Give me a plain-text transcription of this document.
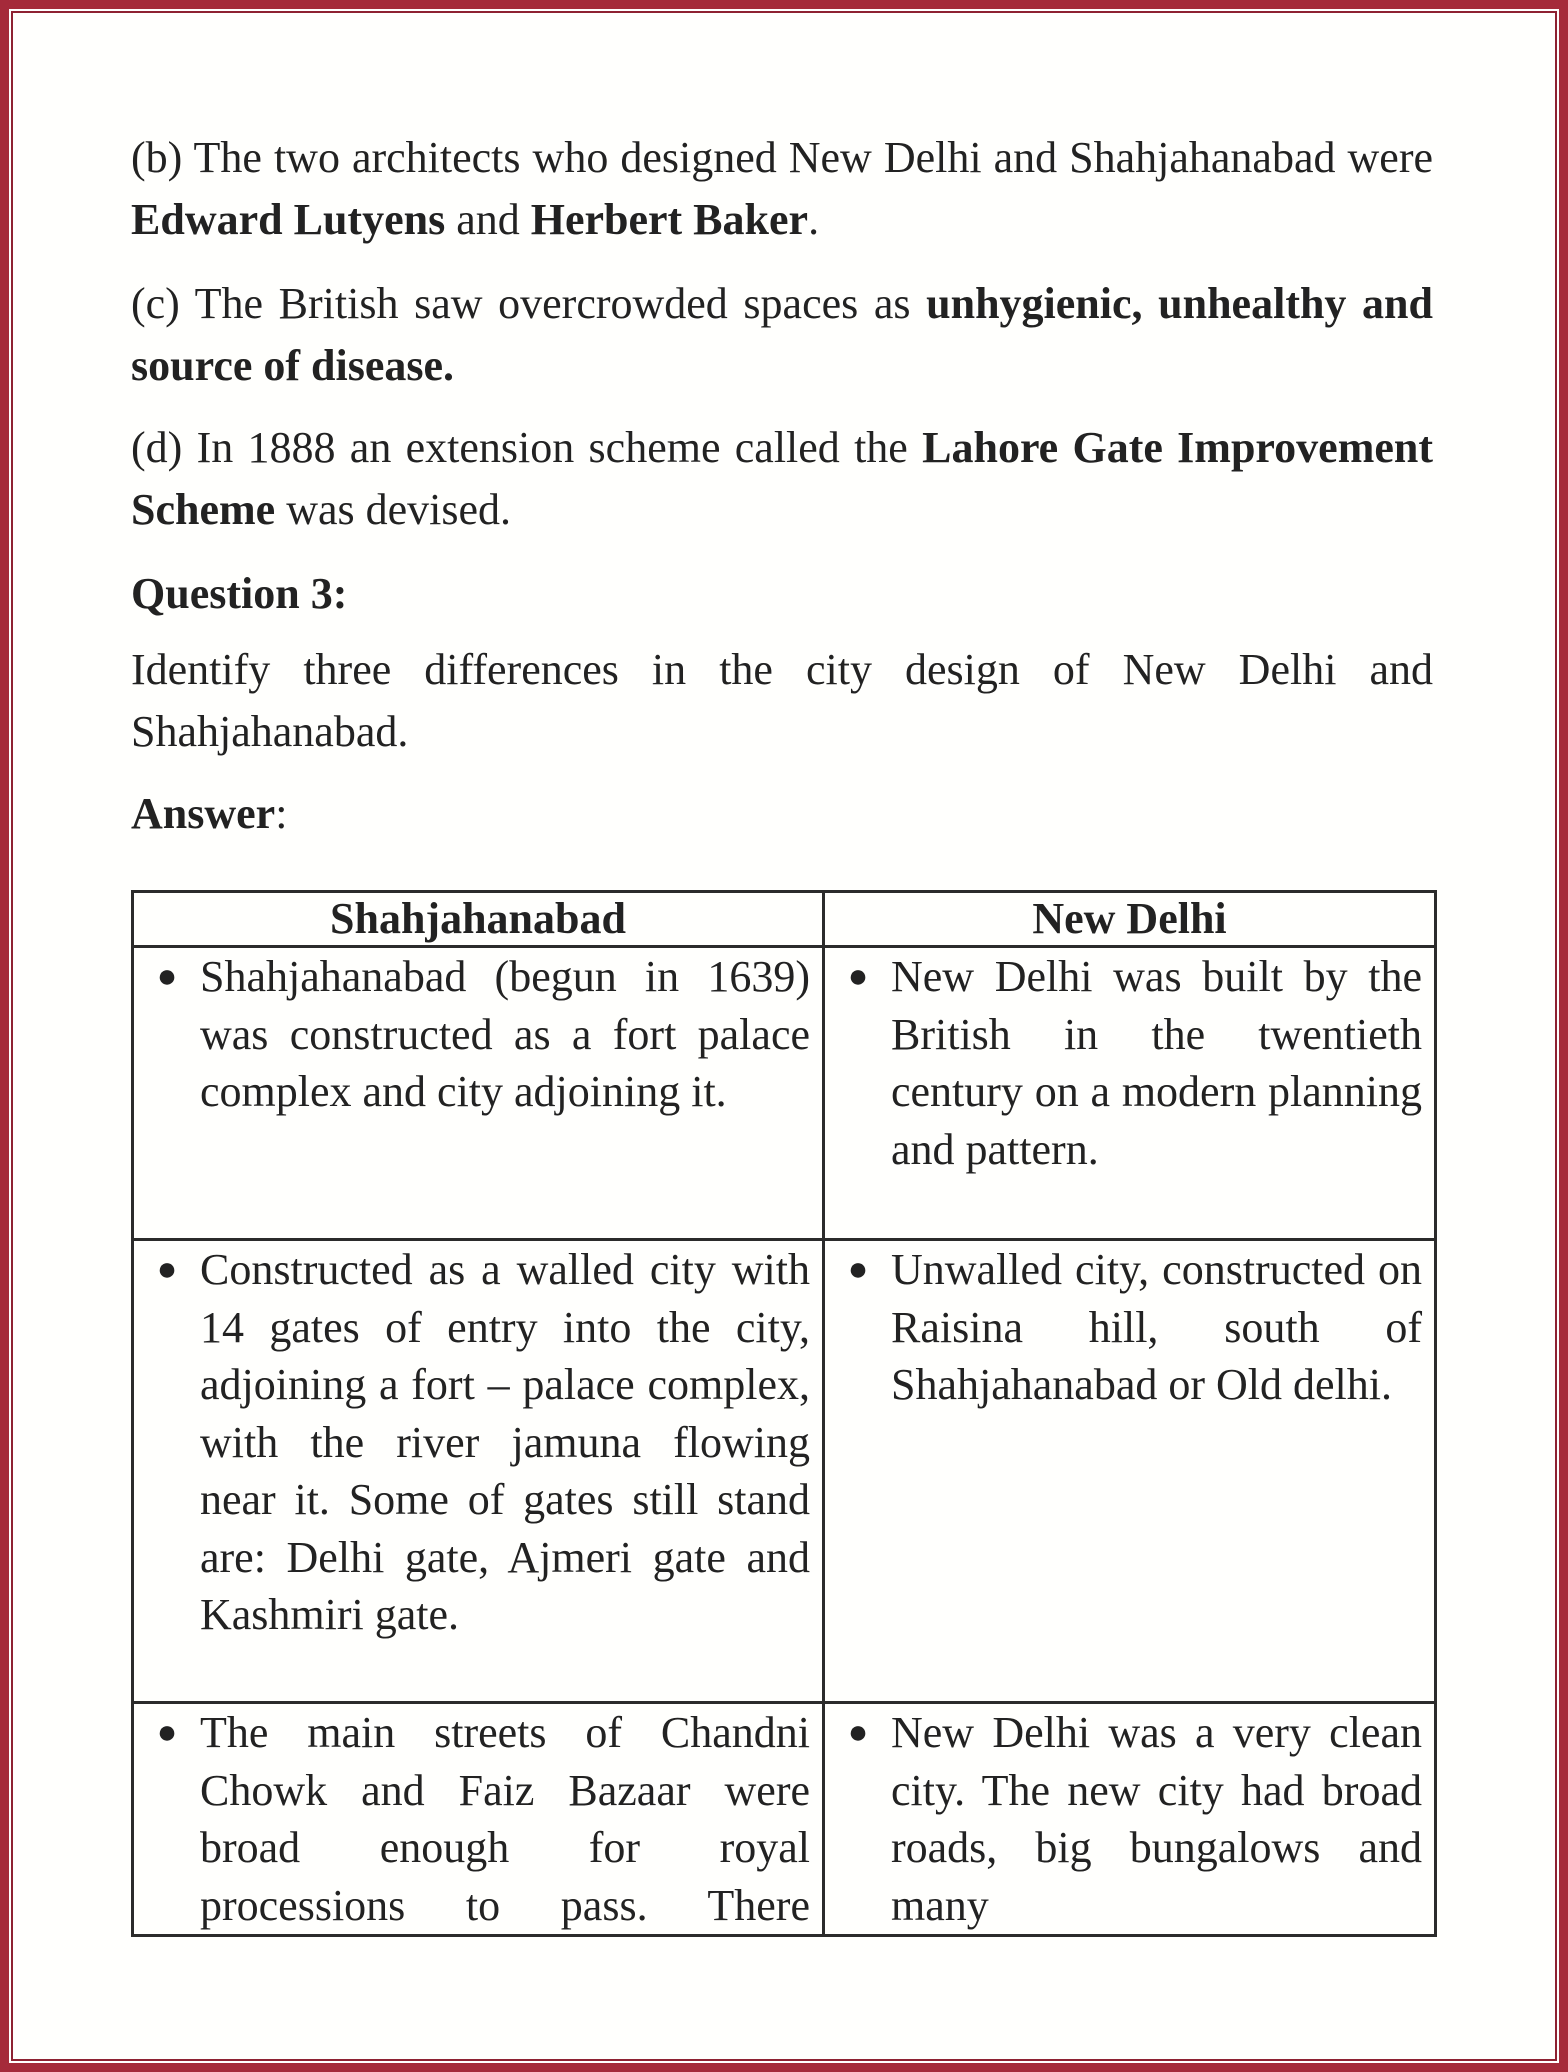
(b) The two architects who designed New Delhi and Shahjahanabad were Edward Lutyens and Herbert Baker.

(c) The British saw overcrowded spaces as unhygienic, unhealthy and source of disease.

(d) In 1888 an extension scheme called the Lahore Gate Improvement Scheme was devised.

Question 3:

Identify three differences in the city design of New Delhi and Shahjahanabad.

Answer:

Shahjahanabad	New Delhi

● Shahjahanabad (begun in 1639) was constructed as a fort palace complex and city adjoining it.	● New Delhi was built by the British in the twentieth century on a modern planning and pattern.

● Constructed as a walled city with 14 gates of entry into the city, adjoining a fort – palace complex, with the river jamuna flowing near it. Some of gates still stand are: Delhi gate, Ajmeri gate and Kashmiri gate.	● Unwalled city, constructed on Raisina hill, south of Shahjahanabad or Old delhi.

● The main streets of Chandni Chowk and Faiz Bazaar were broad enough for royal processions to pass. There	● New Delhi was a very clean city. The new city had broad roads, big bungalows and many
